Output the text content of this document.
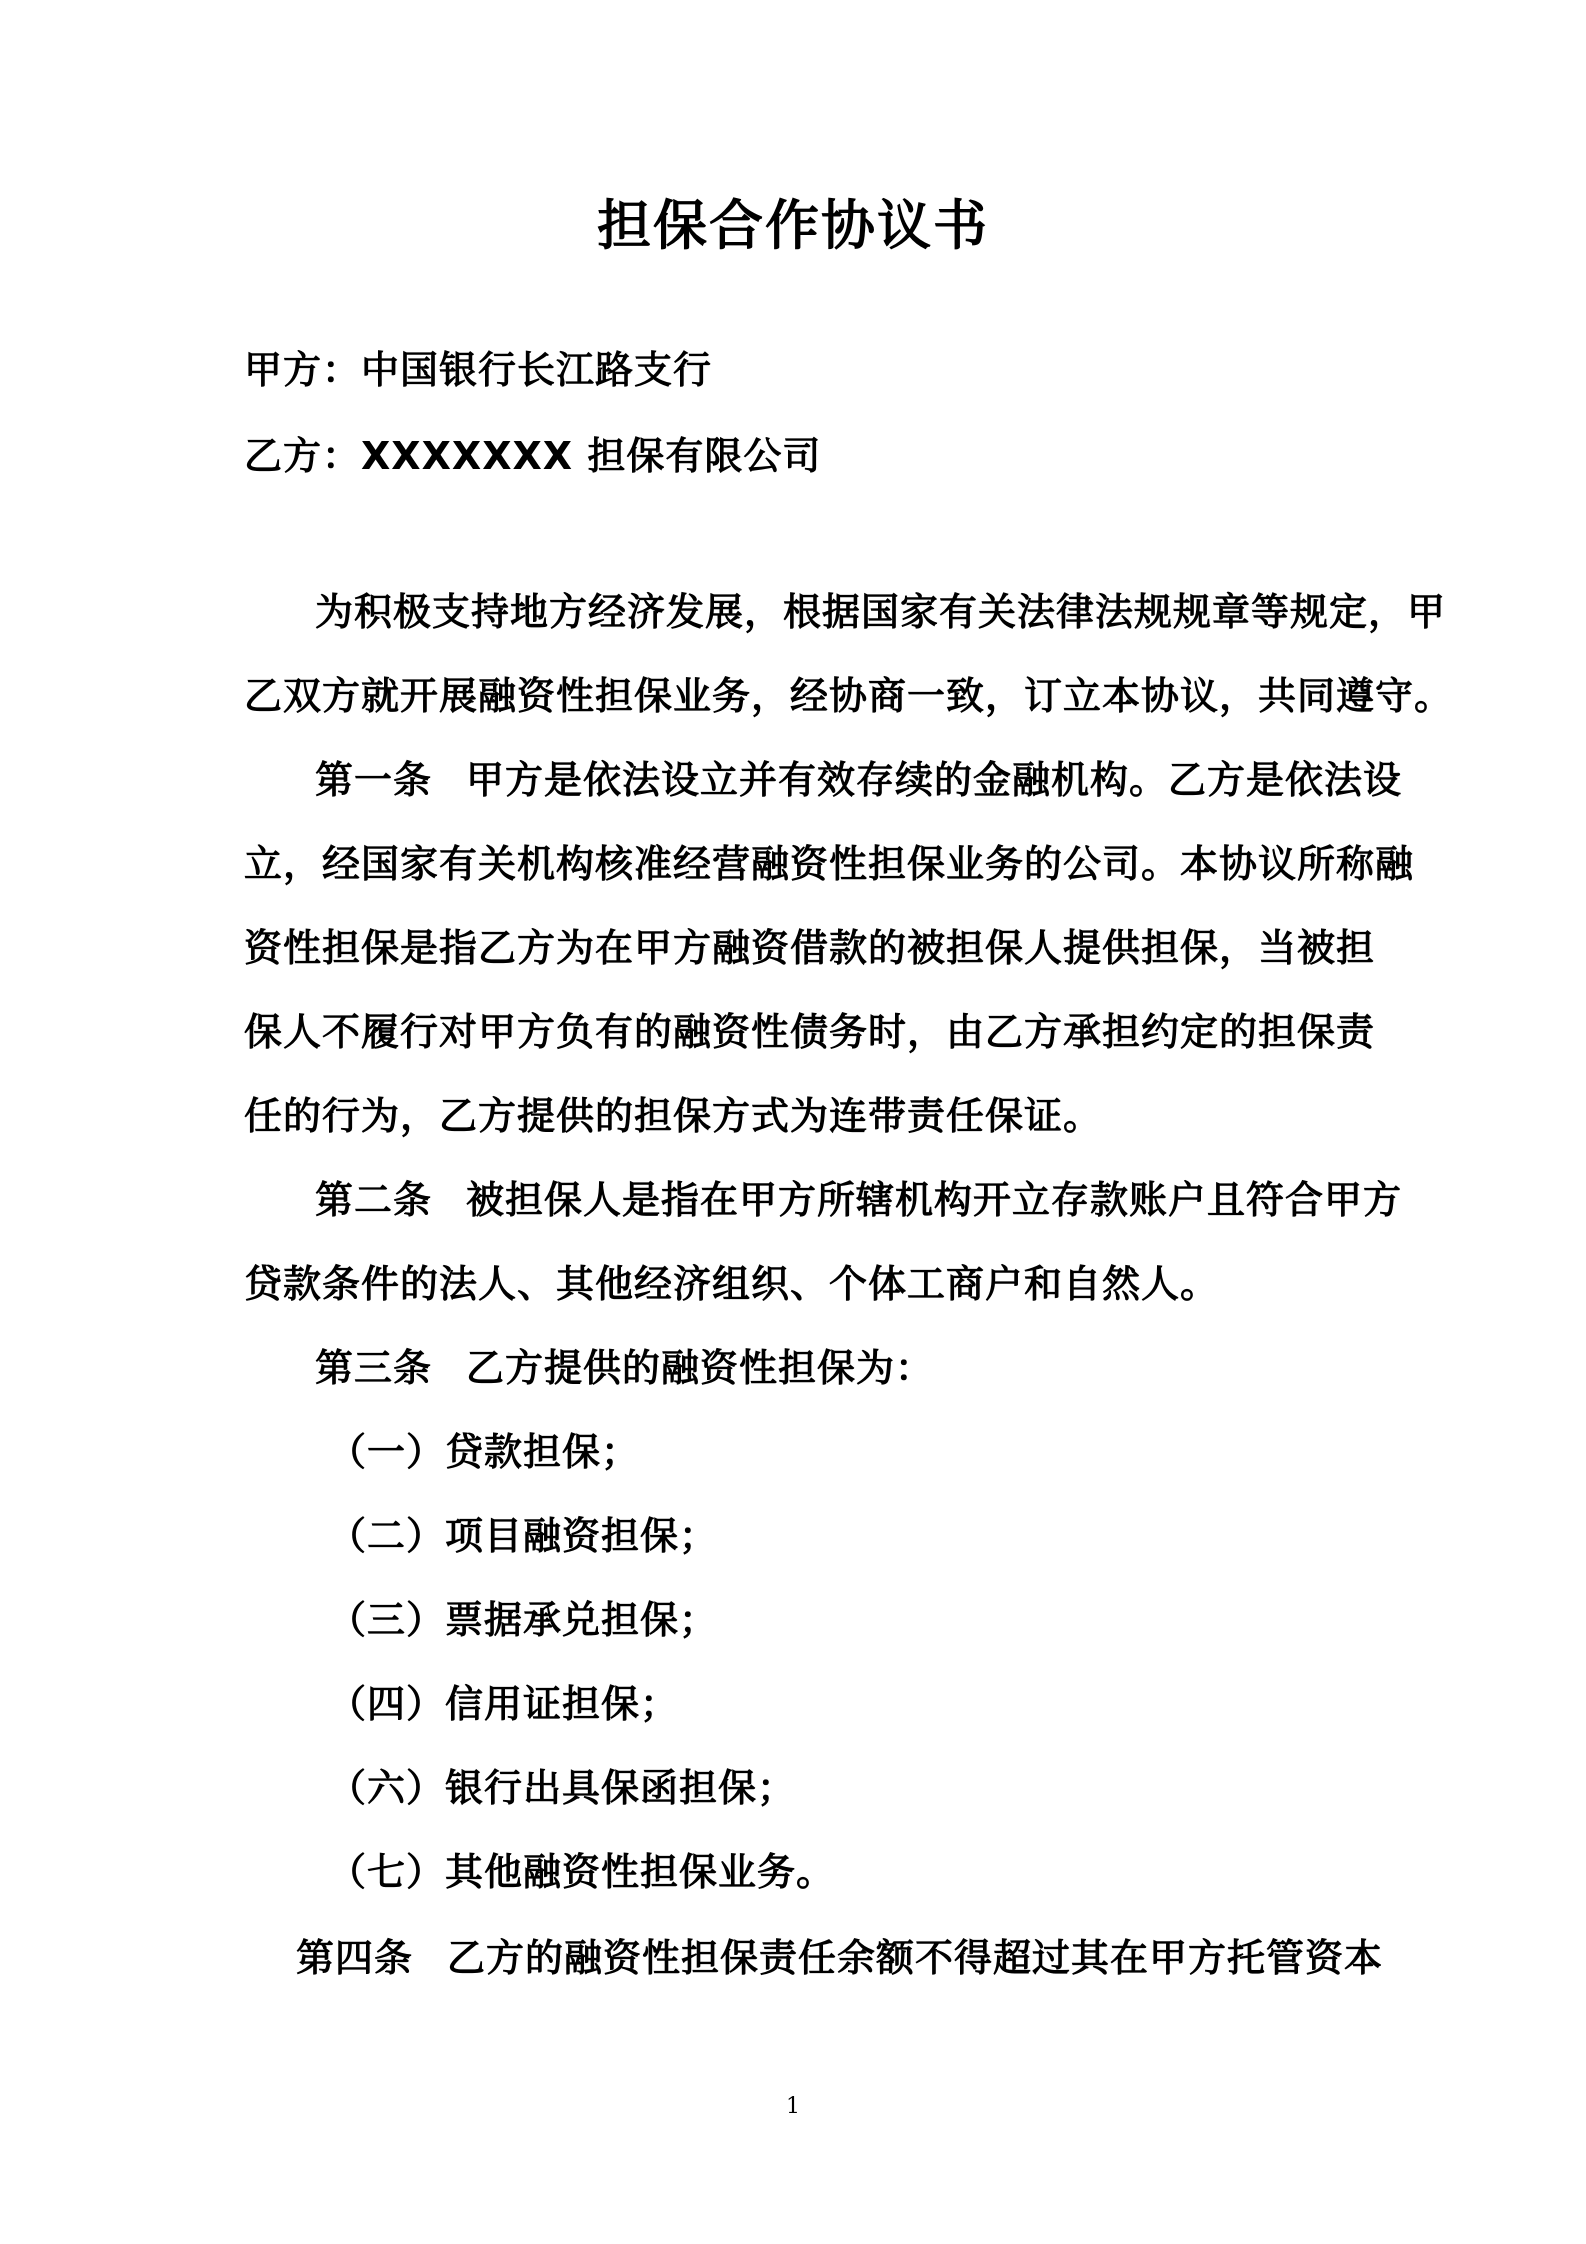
担保合作协议书
甲方：中国银行长江路支行
乙方：XXXXXXX 担保有限公司
为积极支持地方经济发展，根据国家有关法律法规规章等规定，甲
乙双方就开展融资性担保业务，经协商一致，订立本协议，共同遵守。
第一条 甲方是依法设立并有效存续的金融机构。乙方是依法设
立，经国家有关机构核准经营融资性担保业务的公司。本协议所称融
资性担保是指乙方为在甲方融资借款的被担保人提供担保，当被担
保人不履行对甲方负有的融资性债务时，由乙方承担约定的担保责
任的行为，乙方提供的担保方式为连带责任保证。
第二条 被担保人是指在甲方所辖机构开立存款账户且符合甲方
贷款条件的法人、其他经济组织、个体工商户和自然人。
第三条 乙方提供的融资性担保为：
（一）贷款担保；
（二）项目融资担保；
（三）票据承兑担保；
（四）信用证担保；
（六）银行出具保函担保；
（七）其他融资性担保业务。
第四条 乙方的融资性担保责任余额不得超过其在甲方托管资本
1
